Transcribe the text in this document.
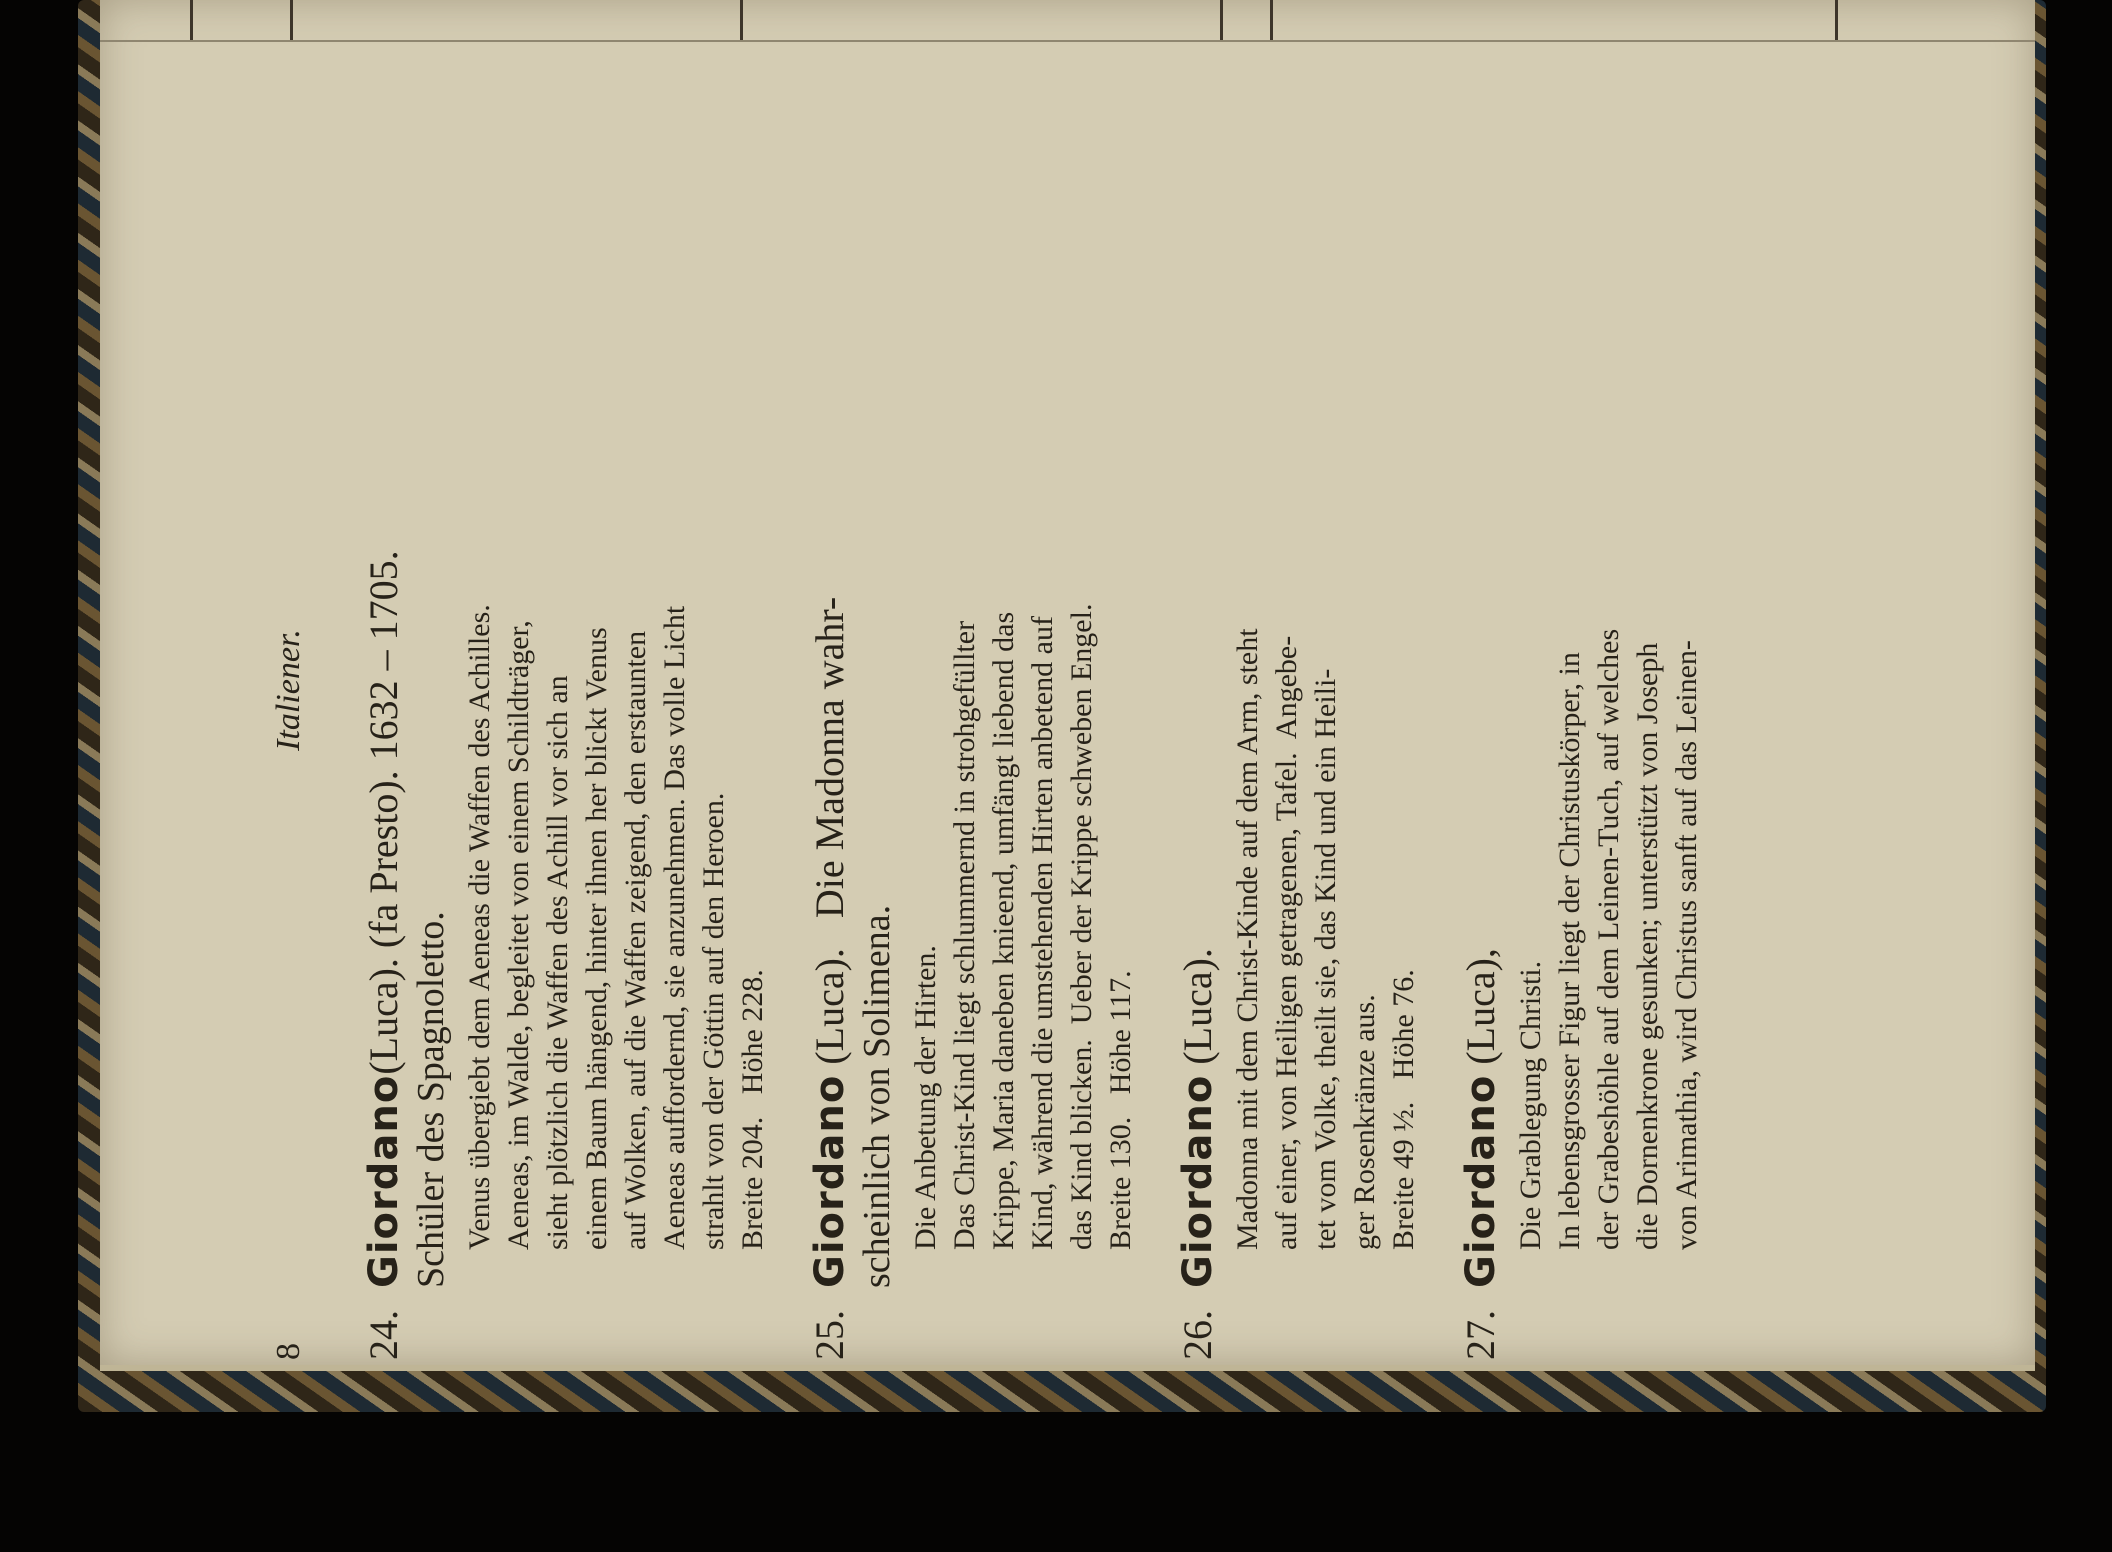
8
Italiener.
24.Giordano(Luca). (fa Presto). 1632 – 1705.
Schüler des Spagnoletto. Venus übergiebt dem Aeneas die Waffen des Achilles. Aeneas, im Walde, begleitet von einem Schildträger, sieht plötzlich die Waffen des Achill vor sich an einem Baum hängend, hinter ihnen her blickt Venus auf Wolken, auf die Waffen zeigend, den erstaunten Aeneas auffordernd, sie anzunehmen. Das volle Licht strahlt von der Göttin auf den Heroen. Breite 204.   Höhe 228.
25.Giordano (Luca).   Die Madonna wahr-
scheinlich von Solimena. Die Anbetung der Hirten. Das Christ-Kind liegt schlummernd in strohgefüllter Krippe, Maria daneben knieend, umfängt liebend das Kind, während die umstehenden Hirten anbetend auf das Kind blicken.  Ueber der Krippe schweben Engel. Breite 130.   Höhe 117.
26.Giordano (Luca). Madonna mit dem Christ-Kinde auf dem Arm, steht auf einer, von Heiligen getragenen, Tafel.  Angebe- tet vom Volke, theilt sie, das Kind und ein Heili- ger Rosenkränze aus. Breite 49 ½.   Höhe 76.
27.Giordano (Luca), Die Grablegung Christi. In lebensgrosser Figur liegt der Christuskörper, in der Grabeshöhle auf dem Leinen-Tuch, auf welches die Dornenkrone gesunken; unterstützt von Joseph von Arimathia, wird Christus sanft auf das Leinen-
